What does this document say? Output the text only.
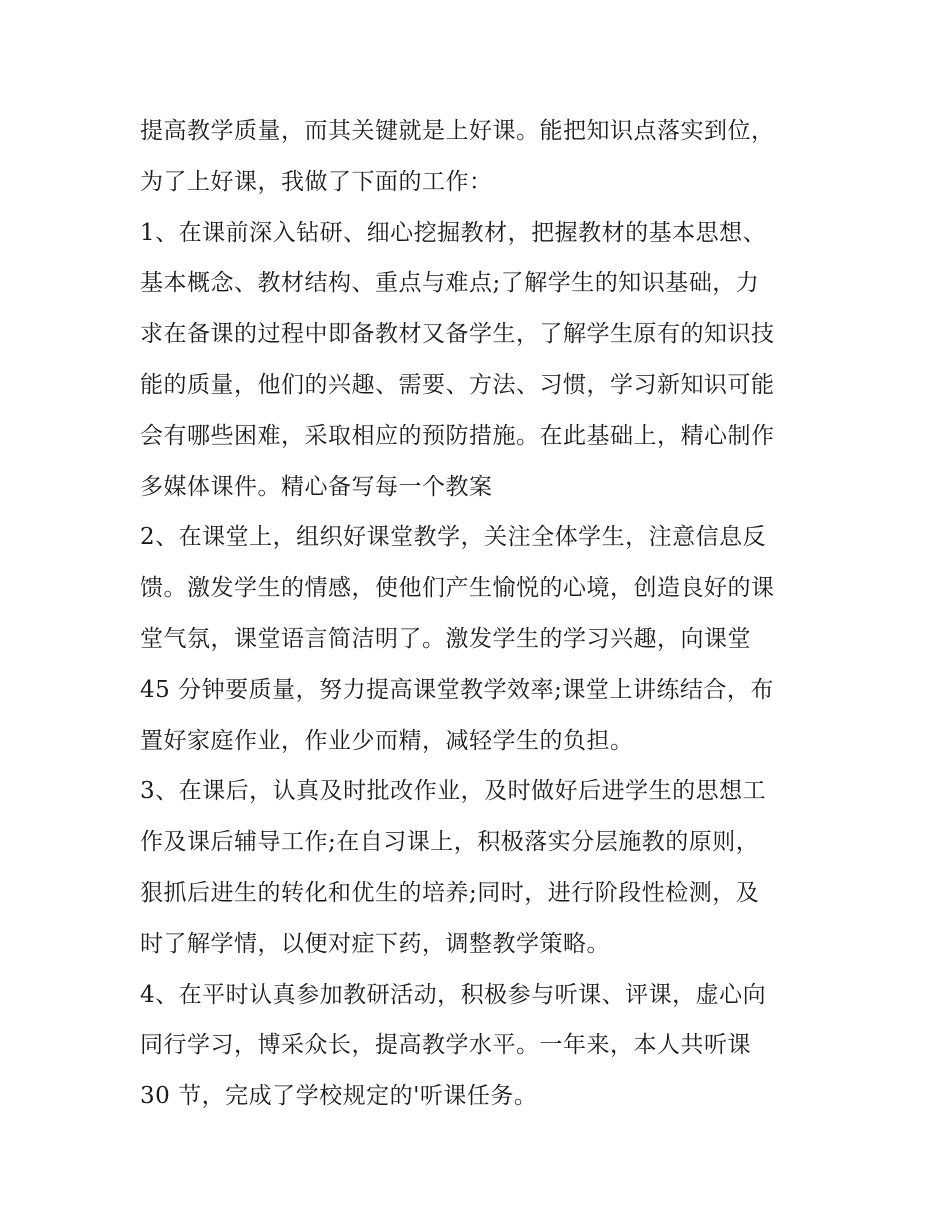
提高教学质量，而其关键就是上好课。能把知识点落实到位，
为了上好课，我做了下面的工作：
1、在课前深入钻研、细心挖掘教材，把握教材的基本思想、
基本概念、教材结构、重点与难点;了解学生的知识基础，力
求在备课的过程中即备教材又备学生，了解学生原有的知识技
能的质量，他们的兴趣、需要、方法、习惯，学习新知识可能
会有哪些困难，采取相应的预防措施。在此基础上，精心制作
多媒体课件。精心备写每一个教案
2、在课堂上，组织好课堂教学，关注全体学生，注意信息反
馈。激发学生的情感，使他们产生愉悦的心境，创造良好的课
堂气氛，课堂语言简洁明了。激发学生的学习兴趣，向课堂
45 分钟要质量，努力提高课堂教学效率;课堂上讲练结合，布
置好家庭作业，作业少而精，减轻学生的负担。
3、在课后，认真及时批改作业，及时做好后进学生的思想工
作及课后辅导工作;在自习课上，积极落实分层施教的原则，
狠抓后进生的转化和优生的培养;同时，进行阶段性检测，及
时了解学情，以便对症下药，调整教学策略。
4、在平时认真参加教研活动，积极参与听课、评课，虚心向
同行学习，博采众长，提高教学水平。一年来，本人共听课
30 节，完成了学校规定的'听课任务。
